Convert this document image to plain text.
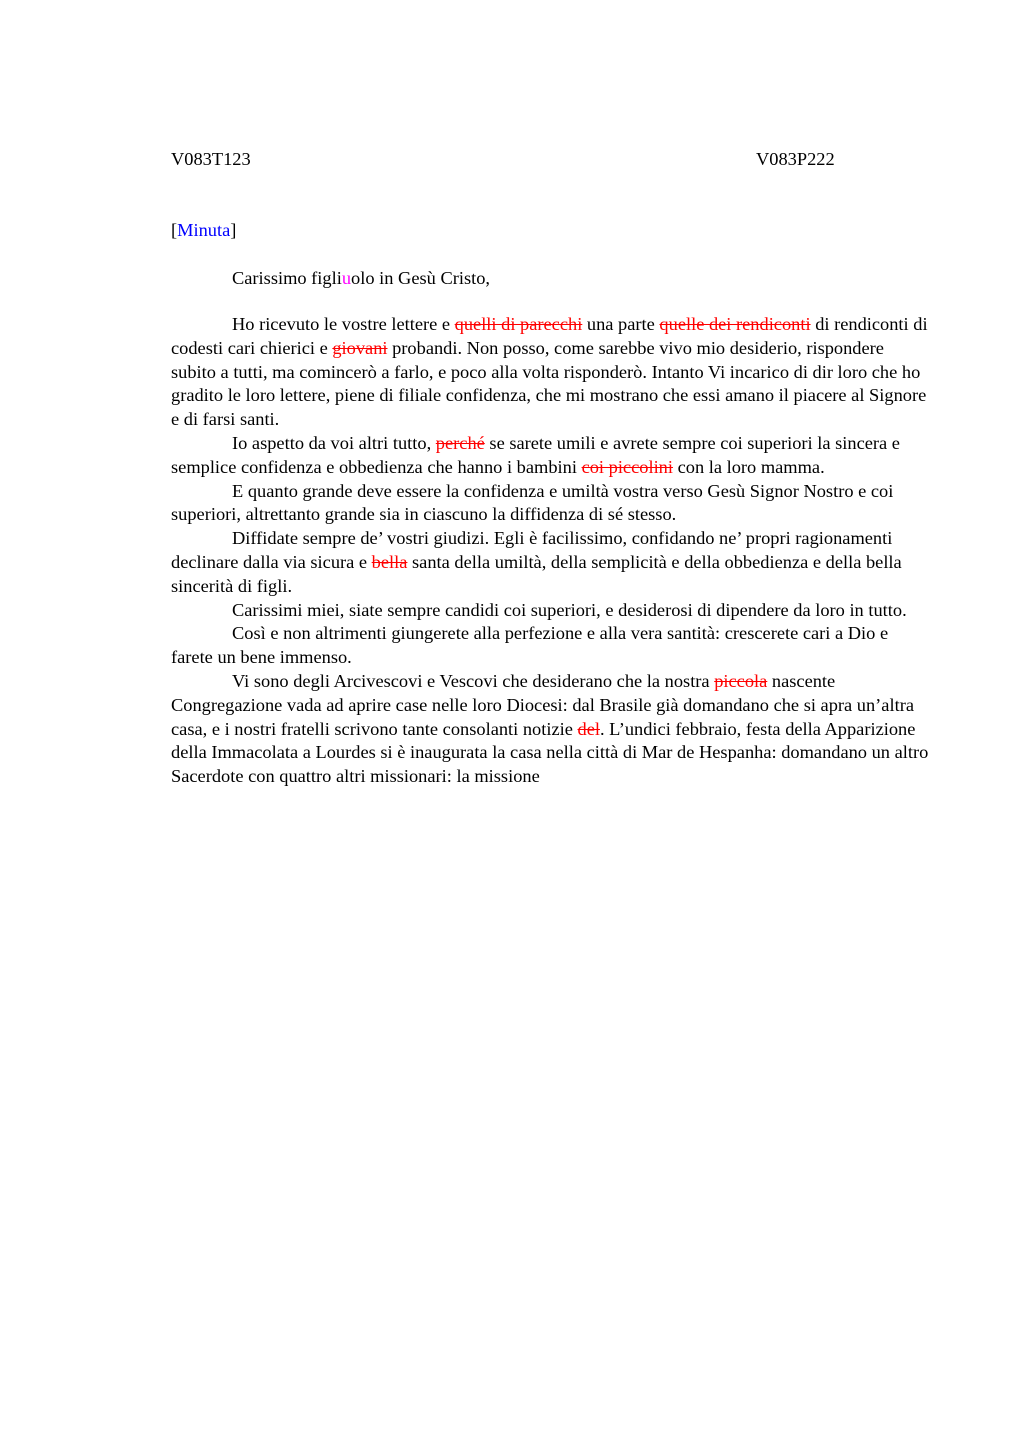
V083T123	V083P222
[Minuta]
Carissimo figliuolo in Gesù Cristo,

Ho ricevuto le vostre lettere e quelli di parecchi una parte quelle dei rendiconti di rendiconti di codesti cari chierici e giovani probandi. Non posso, come sarebbe vivo mio desiderio, rispondere subito a tutti, ma comincerò a farlo, e poco alla volta risponderò. Intanto Vi incarico di dir loro che ho gradito le loro lettere, piene di filiale confidenza, che mi mostrano che essi amano il piacere al Signore e di farsi santi.

Io aspetto da voi altri tutto, perché se sarete umili e avrete sempre coi superiori la sincera e semplice confidenza e obbedienza che hanno i bambini coi piccolini con la loro mamma.

E quanto grande deve essere la confidenza e umiltà vostra verso Gesù Signor Nostro e coi superiori, altrettanto grande sia in ciascuno la diffidenza di sé stesso.

Diffidate sempre de’ vostri giudizi. Egli è facilissimo, confidando ne’ propri ragionamenti declinare dalla via sicura e bella santa della umiltà, della semplicità e della obbedienza e della bella sincerità di figli.

Carissimi miei, siate sempre candidi coi superiori, e desiderosi di dipendere da loro in tutto.

Così e non altrimenti giungerete alla perfezione e alla vera santità: crescerete cari a Dio e farete un bene immenso.

Vi sono degli Arcivescovi e Vescovi che desiderano che la nostra piccola nascente Congregazione vada ad aprire case nelle loro Diocesi: dal Brasile già domandano che si apra un’altra casa, e i nostri fratelli scrivono tante consolanti notizie del. L’undici febbraio, festa della Apparizione della Immacolata a Lourdes si è inaugurata la casa nella città di Mar de Hespanha: domandano un altro Sacerdote con quattro altri missionari: la missione
